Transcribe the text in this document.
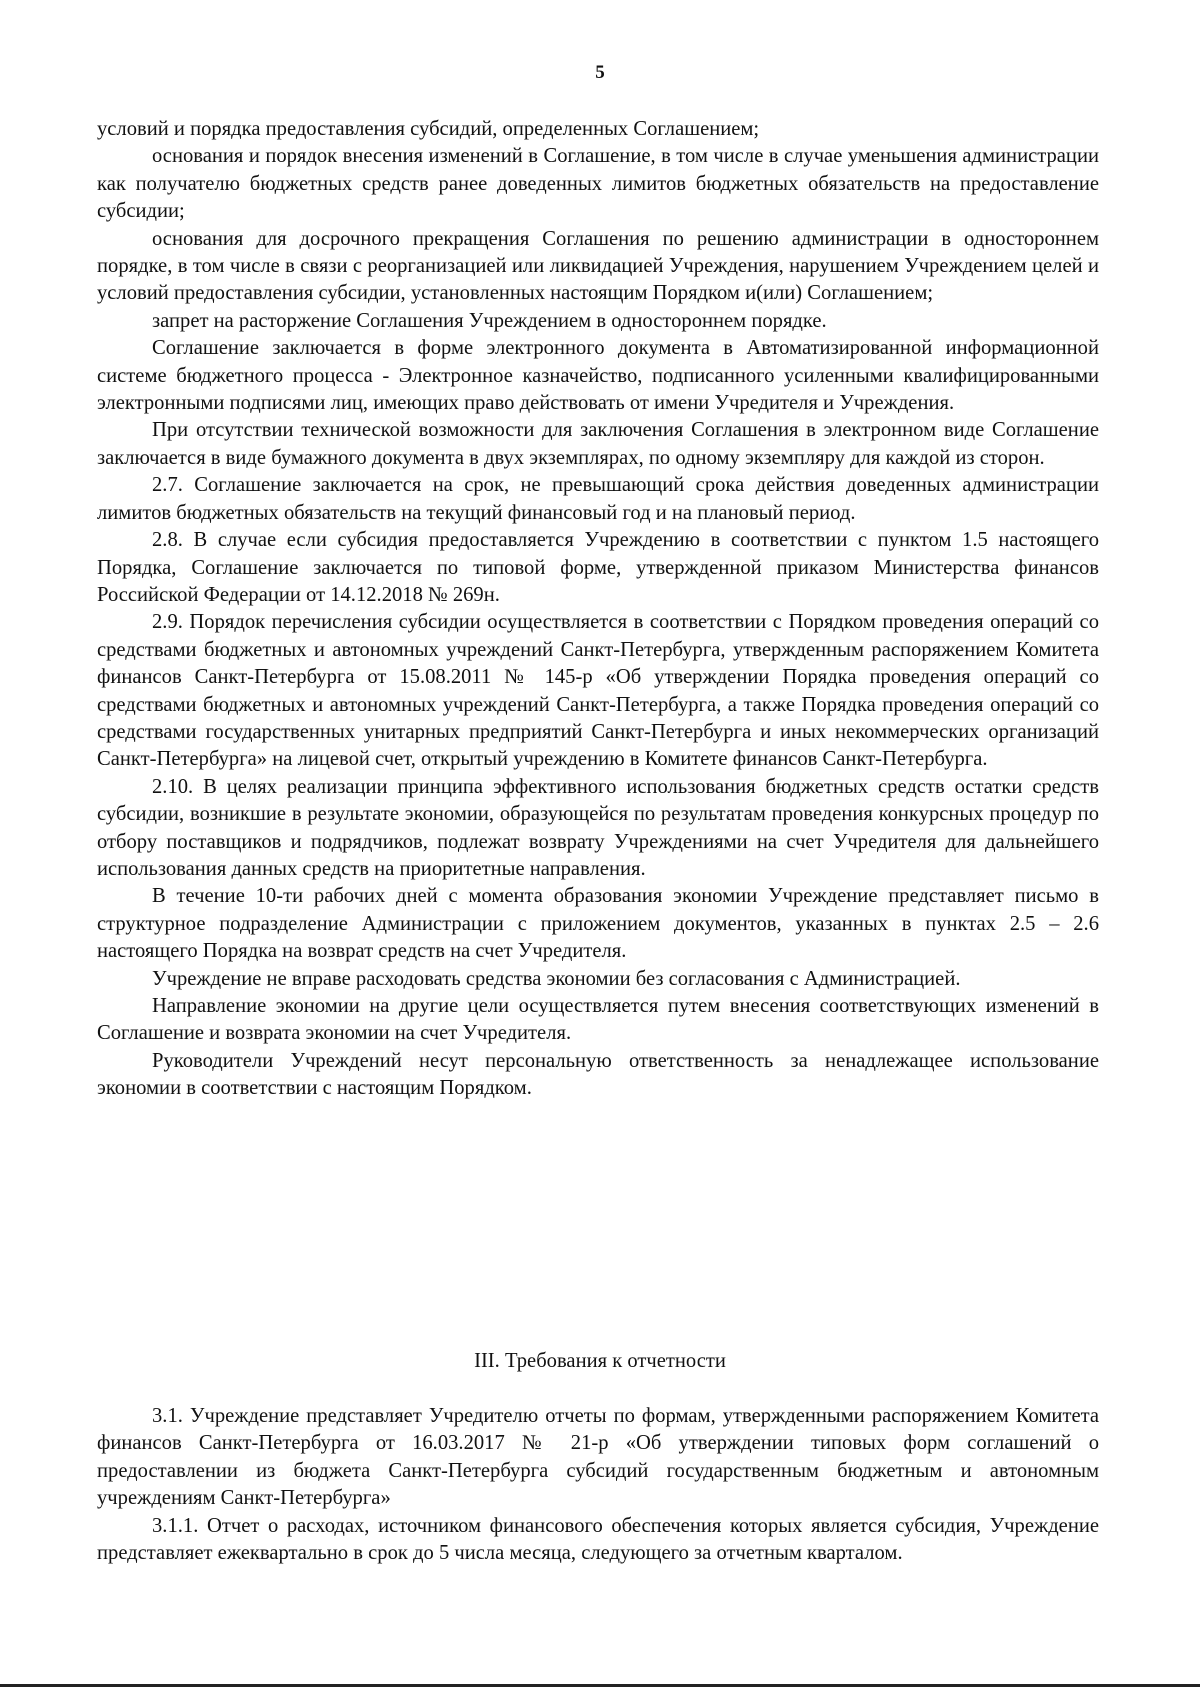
5

условий и порядка предоставления субсидий, определенных Соглашением;

основания и порядок внесения изменений в Соглашение, в том числе в случае уменьшения администрации как получателю бюджетных средств ранее доведенных лимитов бюджетных обязательств на предоставление субсидии;

основания для досрочного прекращения Соглашения по решению администрации в одностороннем порядке, в том числе в связи с реорганизацией или ликвидацией Учреждения, нарушением Учреждением целей и условий предоставления субсидии, установленных настоящим Порядком и(или) Соглашением;

запрет на расторжение Соглашения Учреждением в одностороннем порядке.

Соглашение заключается в форме электронного документа в Автоматизированной информационной системе бюджетного процесса - Электронное казначейство, подписанного усиленными квалифицированными электронными подписями лиц, имеющих право действовать от имени Учредителя и Учреждения.

При отсутствии технической возможности для заключения Соглашения в электронном виде Соглашение заключается в виде бумажного документа в двух экземплярах, по одному экземпляру для каждой из сторон.

2.7. Соглашение заключается на срок, не превышающий срока действия доведенных администрации лимитов бюджетных обязательств на текущий финансовый год и на плановый период.

2.8. В случае если субсидия предоставляется Учреждению в соответствии с пунктом 1.5 настоящего Порядка, Соглашение заключается по типовой форме, утвержденной приказом Министерства финансов Российской Федерации от 14.12.2018 № 269н.

2.9. Порядок перечисления субсидии осуществляется в соответствии с Порядком проведения операций со средствами бюджетных и автономных учреждений Санкт-Петербурга, утвержденным распоряжением Комитета финансов Санкт-Петербурга от 15.08.2011 № 145-р «Об утверждении Порядка проведения операций со средствами бюджетных и автономных учреждений Санкт-Петербурга, а также Порядка проведения операций со средствами государственных унитарных предприятий Санкт-Петербурга и иных некоммерческих организаций Санкт-Петербурга» на лицевой счет, открытый учреждению в Комитете финансов Санкт-Петербурга.

2.10. В целях реализации принципа эффективного использования бюджетных средств остатки средств субсидии, возникшие в результате экономии, образующейся по результатам проведения конкурсных процедур по отбору поставщиков и подрядчиков, подлежат возврату Учреждениями на счет Учредителя для дальнейшего использования данных средств на приоритетные направления.

В течение 10-ти рабочих дней с момента образования экономии Учреждение представляет письмо в структурное подразделение Администрации с приложением документов, указанных в пунктах 2.5 – 2.6 настоящего Порядка на возврат средств на счет Учредителя.

Учреждение не вправе расходовать средства экономии без согласования с Администрацией.

Направление экономии на другие цели осуществляется путем внесения соответствующих изменений в Соглашение и возврата экономии на счет Учредителя.

Руководители Учреждений несут персональную ответственность за ненадлежащее использование экономии в соответствии с настоящим Порядком.

III. Требования к отчетности

3.1. Учреждение представляет Учредителю отчеты по формам, утвержденными распоряжением Комитета финансов Санкт-Петербурга от 16.03.2017 № 21-р «Об утверждении типовых форм соглашений о предоставлении из бюджета Санкт-Петербурга субсидий государственным бюджетным и автономным учреждениям Санкт-Петербурга»

3.1.1. Отчет о расходах, источником финансового обеспечения которых является субсидия, Учреждение представляет ежеквартально в срок до 5 числа месяца, следующего за отчетным кварталом.
